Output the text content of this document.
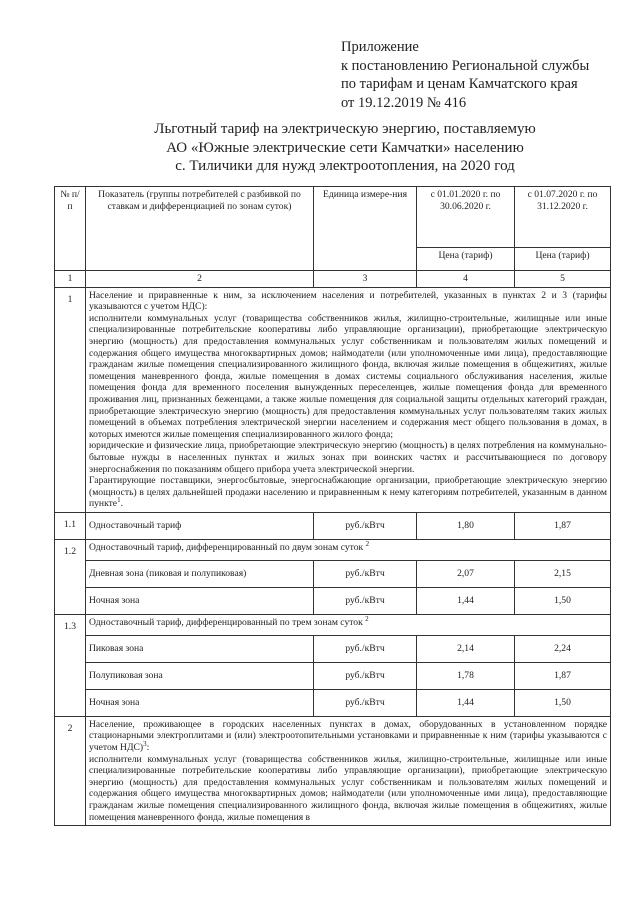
Приложение
к постановлению Региональной службы
по тарифам и ценам Камчатского края
от 19.12.2019 № 416
Льготный тариф на электрическую энергию, поставляемую
АО «Южные электрические сети Камчатки» населению
с. Тиличики для нужд электроотопления, на 2020 год
№ п/п	Показатель (группы потребителей с разбивкой по ставкам и дифференциацией по зонам суток)	Единица измере-ния	с 01.01.2020 г. по 30.06.2020 г.	с 01.07.2020 г. по 31.12.2020 г.
			Цена (тариф)	Цена (тариф)
1	2	3	4	5
1	Население и приравненные к ним, за исключением населения и потребителей, указанных в пунктах 2 и 3 (тарифы указываются с учетом НДС):

исполнители коммунальных услуг (товарищества собственников жилья, жилищно-строительные, жилищные или иные специализированные потребительские кооперативы либо управляющие организации), приобретающие электрическую энергию (мощность) для предоставления коммунальных услуг собственникам и пользователям жилых помещений и содержания общего имущества многоквартирных домов; наймодатели (или уполномоченные ими лица), предоставляющие гражданам жилые помещения специализированного жилищного фонда, включая жилые помещения в общежитиях, жилые помещения маневренного фонда, жилые помещения в домах системы социального обслуживания населения, жилые помещения фонда для временного поселения вынужденных переселенцев, жилые помещения фонда для временного проживания лиц, признанных беженцами, а также жилые помещения для социальной защиты отдельных категорий граждан, приобретающие электрическую энергию (мощность) для предоставления коммунальных услуг пользователям таких жилых помещений в объемах потребления электрической энергии населением и содержания мест общего пользования в домах, в которых имеются жилые помещения специализированного жилого фонда;

юридические и физические лица, приобретающие электрическую энергию (мощность) в целях потребления на коммунально-бытовые нужды в населенных пунктах и жилых зонах при воинских частях и рассчитывающиеся по договору энергоснабжения по показаниям общего прибора учета электрической энергии.

Гарантирующие поставщики, энергосбытовые, энергоснабжающие организации, приобретающие электрическую энергию (мощность) в целях дальнейшей продажи населению и приравненным к нему категориям потребителей, указанным в данном пункте$^1$.			

1.1	Одноставочный тариф	руб./кВтч	1,80	1,87
1.2	Одноставочный тариф, дифференцированный по двум зонам суток $^2$
	Дневная зона (пиковая и полупиковая)	руб./кВтч	2,07	2,15
	Ночная зона	руб./кВтч	1,44	1,50
1.3	Одноставочный тариф, дифференцированный по трем зонам суток $^2$
	Пиковая зона	руб./кВтч	2,14	2,24
	Полупиковая зона	руб./кВтч	1,78	1,87
	Ночная зона	руб./кВтч	1,44	1,50
2	Население, проживающее в городских населенных пунктах в домах, оборудованных в установленном порядке стационарными электроплитами и (или) электроотопительными установками и приравненные к ним (тарифы указываются с учетом НДС)$^3$:

исполнители коммунальных услуг (товарищества собственников жилья, жилищно-строительные, жилищные или иные специализированные потребительские кооперативы либо управляющие организации), приобретающие электрическую энергию (мощность) для предоставления коммунальных услуг собственникам и пользователям жилых помещений и содержания общего имущества многоквартирных домов; наймодатели (или уполномоченные ими лица), предоставляющие гражданам жилые помещения специализированного жилищного фонда, включая жилые помещения в общежитиях, жилые помещения маневренного фонда, жилые помещения в			
